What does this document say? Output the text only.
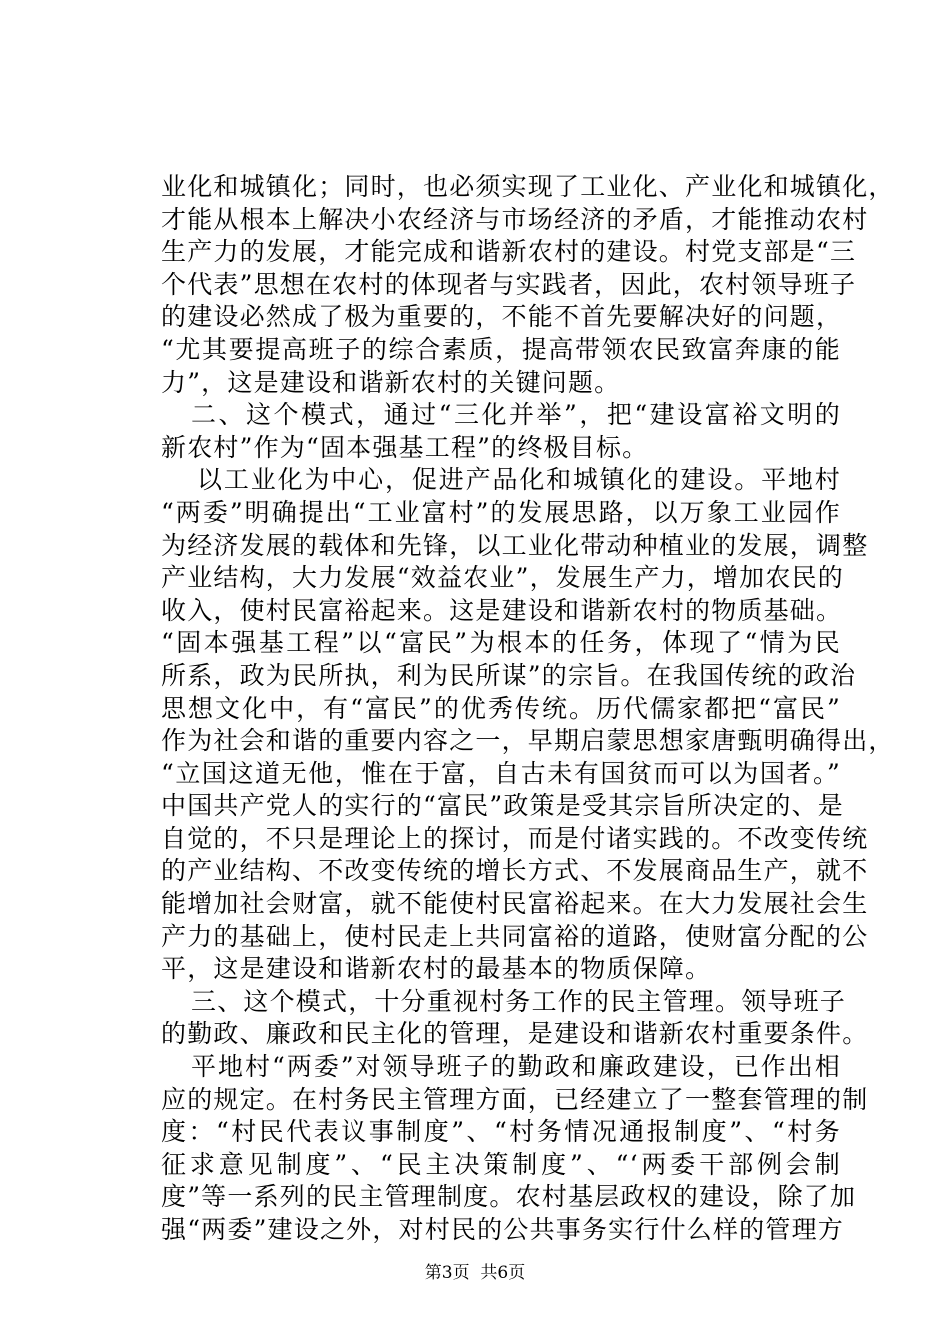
业化和城镇化；同时，也必须实现了工业化、产业化和城镇化，
才能从根本上解决小农经济与市场经济的矛盾，才能推动农村
生产力的发展，才能完成和谐新农村的建设。村党支部是“三
个代表”思想在农村的体现者与实践者，因此，农村领导班子
的建设必然成了极为重要的，不能不首先要解决好的问题，
“尤其要提高班子的综合素质，提高带领农民致富奔康的能
力”，这是建设和谐新农村的关键问题。
二、这个模式，通过“三化并举”，把“建设富裕文明的
新农村”作为“固本强基工程”的终极目标。
以工业化为中心，促进产品化和城镇化的建设。平地村
“两委”明确提出“工业富村”的发展思路，以万象工业园作
为经济发展的载体和先锋，以工业化带动种植业的发展，调整
产业结构，大力发展“效益农业”，发展生产力，增加农民的
收入，使村民富裕起来。这是建设和谐新农村的物质基础。
“固本强基工程”以“富民”为根本的任务，体现了“情为民
所系，政为民所执，利为民所谋”的宗旨。在我国传统的政治
思想文化中，有“富民”的优秀传统。历代儒家都把“富民”
作为社会和谐的重要内容之一，早期启蒙思想家唐甄明确得出，
“立国这道无他，惟在于富，自古未有国贫而可以为国者。”
中国共产党人的实行的“富民”政策是受其宗旨所决定的、是
自觉的，不只是理论上的探讨，而是付诸实践的。不改变传统
的产业结构、不改变传统的增长方式、不发展商品生产，就不
能增加社会财富，就不能使村民富裕起来。在大力发展社会生
产力的基础上，使村民走上共同富裕的道路，使财富分配的公
平，这是建设和谐新农村的最基本的物质保障。
三、这个模式，十分重视村务工作的民主管理。领导班子
的勤政、廉政和民主化的管理，是建设和谐新农村重要条件。
平地村“两委”对领导班子的勤政和廉政建设，已作出相
应的规定。在村务民主管理方面，已经建立了一整套管理的制
度：“村民代表议事制度”、“村务情况通报制度”、“村务
征求意见制度”、“民主决策制度”、“‘两委干部例会制
度”等一系列的民主管理制度。农村基层政权的建设，除了加
强“两委”建设之外，对村民的公共事务实行什么样的管理方
第3页  共6页
